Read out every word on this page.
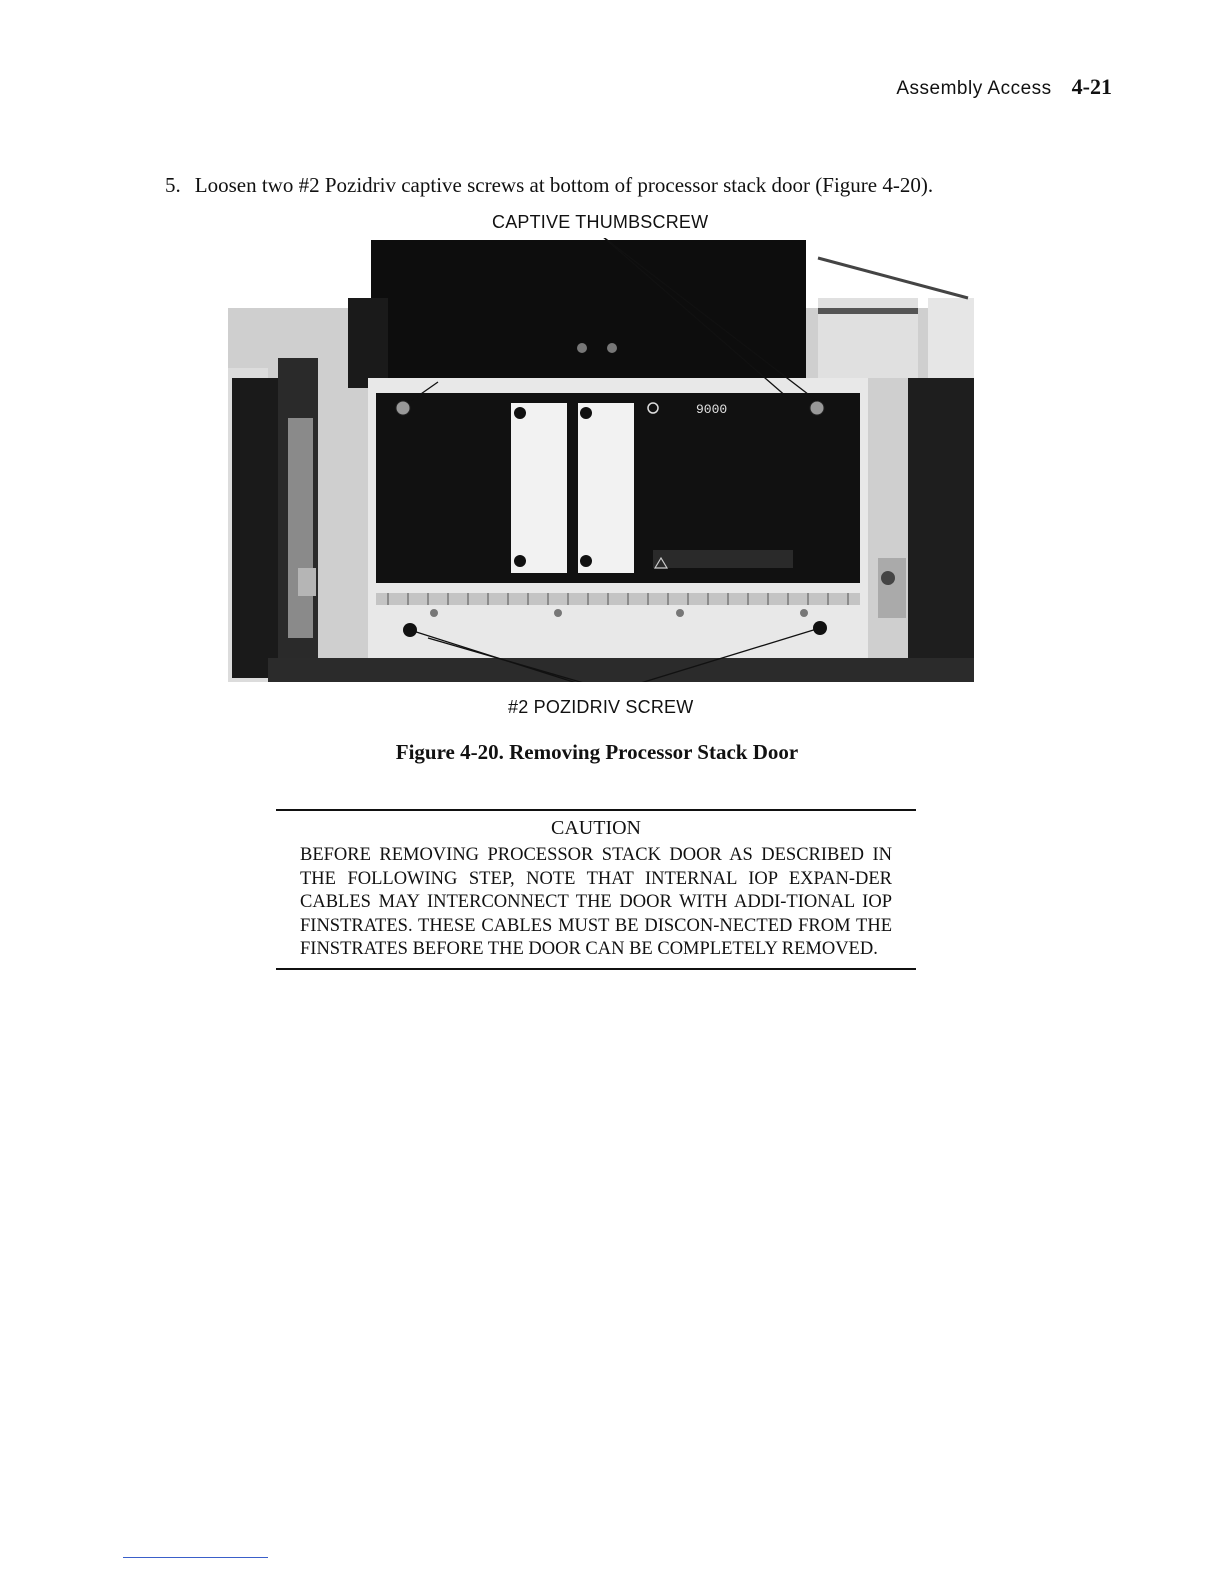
Assembly Access 4-21
5. Loosen two #2 Pozidriv captive screws at bottom of processor stack door (Figure 4-20).
CAPTIVE THUMBSCREW
9000
#2 POZIDRIV SCREW
Figure 4-20. Removing Processor Stack Door
CAUTION
BEFORE REMOVING PROCESSOR STACK DOOR AS DESCRIBED IN THE FOLLOWING STEP, NOTE THAT INTERNAL IOP EXPAN-DER CABLES MAY INTERCONNECT THE DOOR WITH ADDI-TIONAL IOP FINSTRATES. THESE CABLES MUST BE DISCON-NECTED FROM THE FINSTRATES BEFORE THE DOOR CAN BE COMPLETELY REMOVED.
